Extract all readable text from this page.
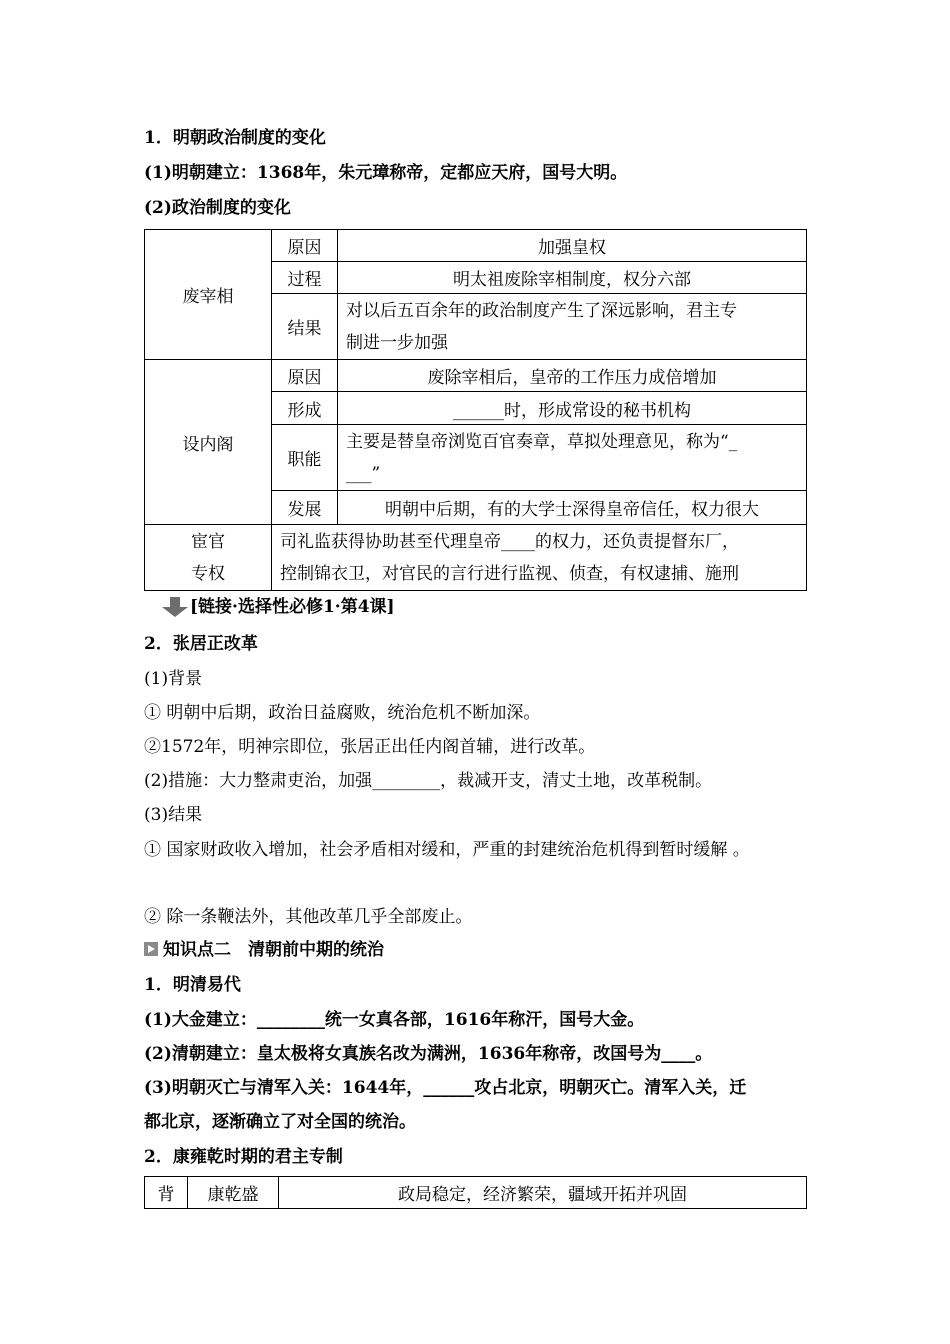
1．明朝政治制度的变化
(1)明朝建立：1368年，朱元璋称帝，定都应天府，国号大明。
(2)政治制度的变化
废宰相	原因	加强皇权
	过程	明太祖废除宰相制度，权分六部
	结果	对以后五百余年的政治制度产生了深远影响，君主专
制进一步加强
设内阁	原因	废除宰相后，皇帝的工作压力成倍增加
	形成	______时，形成常设的秘书机构
	职能	主要是替皇帝浏览百官奏章，草拟处理意见，称为“_
___”
	发展	明朝中后期，有的大学士深得皇帝信任，权力很大
宦官
专权	司礼监获得协助甚至代理皇帝____的权力，还负责提督东厂，
控制锦衣卫，对官民的言行进行监视、侦查，有权逮捕、施刑	
[链接·选择性必修1·第4课]
2．张居正改革
(1)背景
① 明朝中后期，政治日益腐败，统治危机不断加深。
②1572年，明神宗即位，张居正出任内阁首辅，进行改革。
(2)措施：大力整肃吏治，加强________，裁减开支，清丈土地，改革税制。
(3)结果
① 国家财政收入增加，社会矛盾相对缓和，严重的封建统治危机得到暂时缓解 。
② 除一条鞭法外，其他改革几乎全部废止。
知识点二　清朝前中期的统治
1．明清易代
(1)大金建立：________统一女真各部，1616年称汗，国号大金。
(2)清朝建立：皇太极将女真族名改为满洲，1636年称帝，改国号为____。
(3)明朝灭亡与清军入关：1644年，______攻占北京，明朝灭亡。清军入关，迁
都北京，逐渐确立了对全国的统治。
2．康雍乾时期的君主专制
背	康乾盛	政局稳定，经济繁荣，疆域开拓并巩固
